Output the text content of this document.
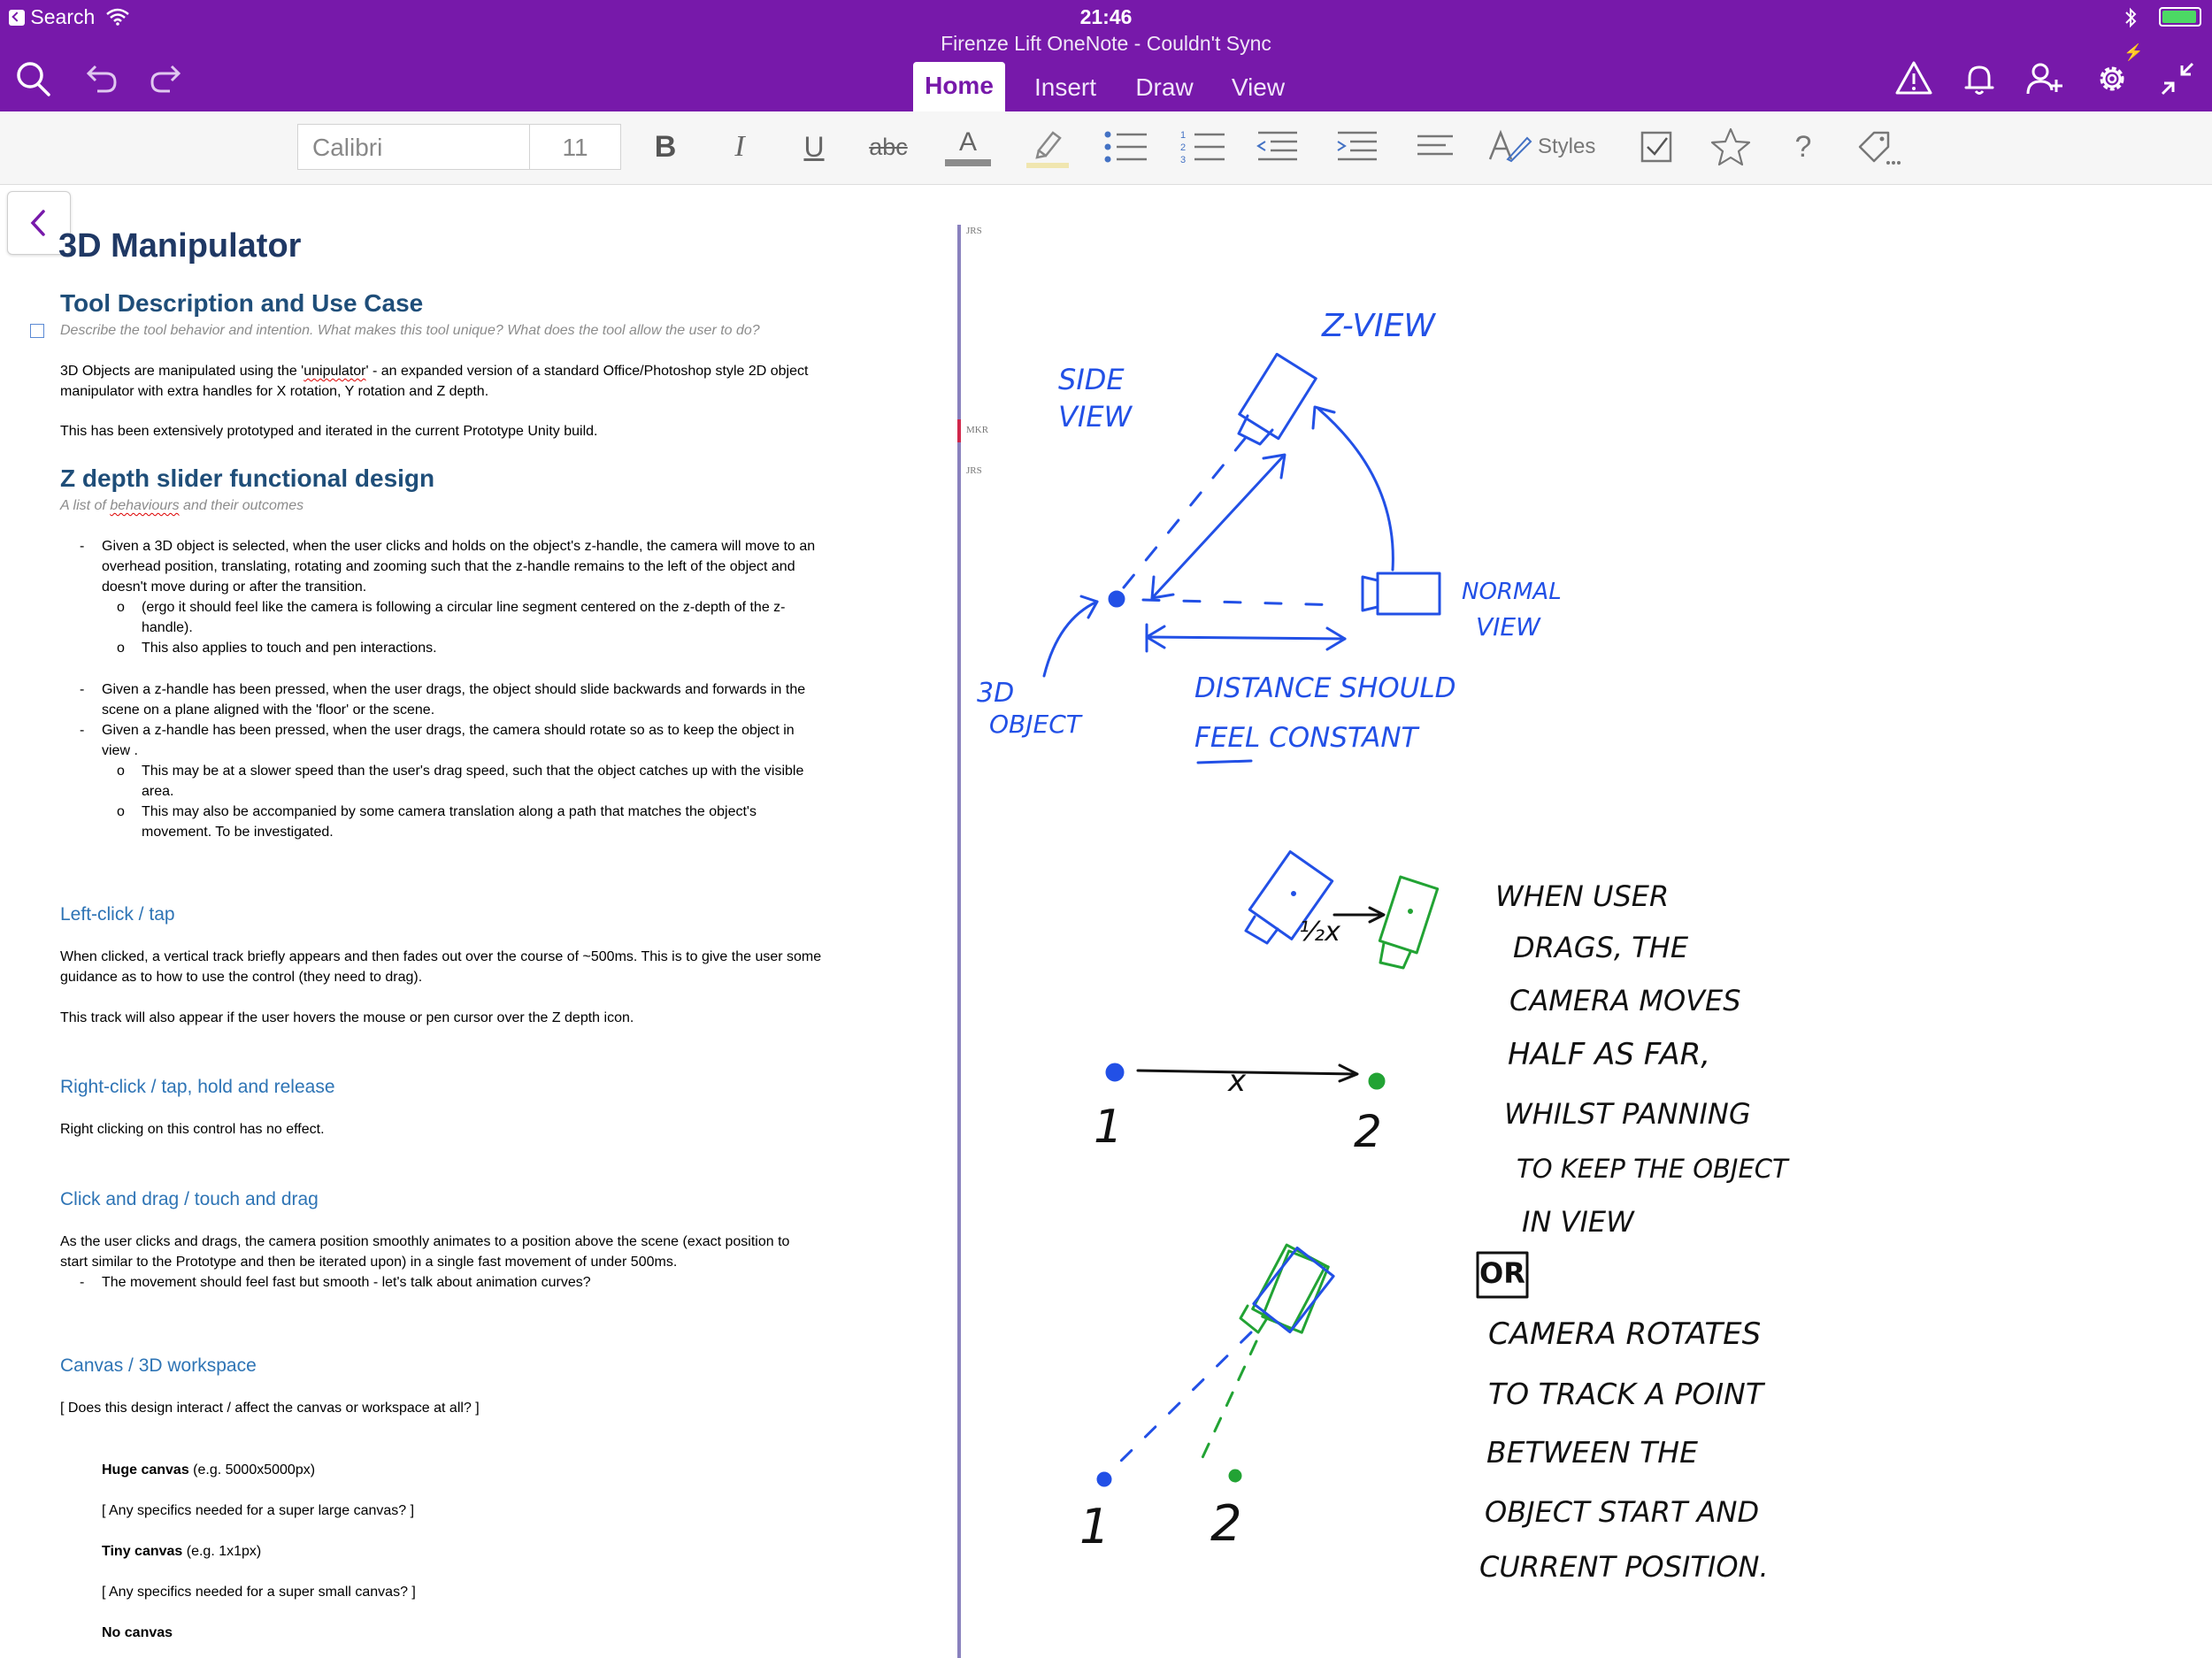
Search	21:46

⚡
Firenze Lift OneNote - Couldn't Sync
Home	Insert	Draw	View
Calibri	11	B	I	U	abc A	1
2
3
Styles	?
3D Manipulator
Tool Description and Use Case
Describe the tool behavior and intention. What makes this tool unique? What does the tool allow the user to do?
3D Objects are manipulated using the 'unipulator' - an expanded version of a standard Office/Photoshop style 2D object
manipulator with extra handles for X rotation, Y rotation and Z depth.
This has been extensively prototyped and iterated in the current Prototype Unity build.
Z depth slider functional design
A list of behaviours and their outcomes
- Given a 3D object is selected, when the user clicks and holds on the object's z-handle, the camera will move to an
overhead position, translating, rotating and zooming such that the z-handle remains to the left of the object and
doesn't move during or after the transition.
o (ergo it should feel like the camera is following a circular line segment centered on the z-depth of the z-
handle).
o This also applies to touch and pen interactions.
- Given a z-handle has been pressed, when the user drags, the object should slide backwards and forwards in the
scene on a plane aligned with the 'floor' or the scene.
- Given a z-handle has been pressed, when the user drags, the camera should rotate so as to keep the object in
view .
o This may be at a slower speed than the user's drag speed, such that the object catches up with the visible
area.
o This may also be accompanied by some camera translation along a path that matches the object's
movement. To be investigated.
Left-click / tap
When clicked, a vertical track briefly appears and then fades out over the course of ~500ms. This is to give the user some
guidance as to how to use the control (they need to drag).
This track will also appear if the user hovers the mouse or pen cursor over the Z depth icon.
Right-click / tap, hold and release
Right clicking on this control has no effect.
Click and drag / touch and drag
As the user clicks and drags, the camera position smoothly animates to a position above the scene (exact position to
start similar to the Prototype and then be iterated upon) in a single fast movement of under 500ms.
- The movement should feel fast but smooth - let's talk about animation curves?
Canvas / 3D workspace
[ Does this design interact / affect the canvas or workspace at all? ]
Huge canvas (e.g. 5000x5000px)
[ Any specifics needed for a super large canvas? ]
Tiny canvas (e.g. 1x1px)
[ Any specifics needed for a super small canvas? ]
No canvas
JRS
MKR
JRS
Z-VIEW
SIDE
VIEW
NORMAL
VIEW
3D
OBJECT
DISTANCE SHOULD
FEEL CONSTANT
½x
x
1	2
1 2
WHEN USER
DRAGS, THE
CAMERA MOVES
HALF AS FAR,
WHILST PANNING
TO KEEP THE OBJECT
IN VIEW
OR
CAMERA ROTATES
TO TRACK A POINT
BETWEEN THE
OBJECT START AND
CURRENT POSITION.
